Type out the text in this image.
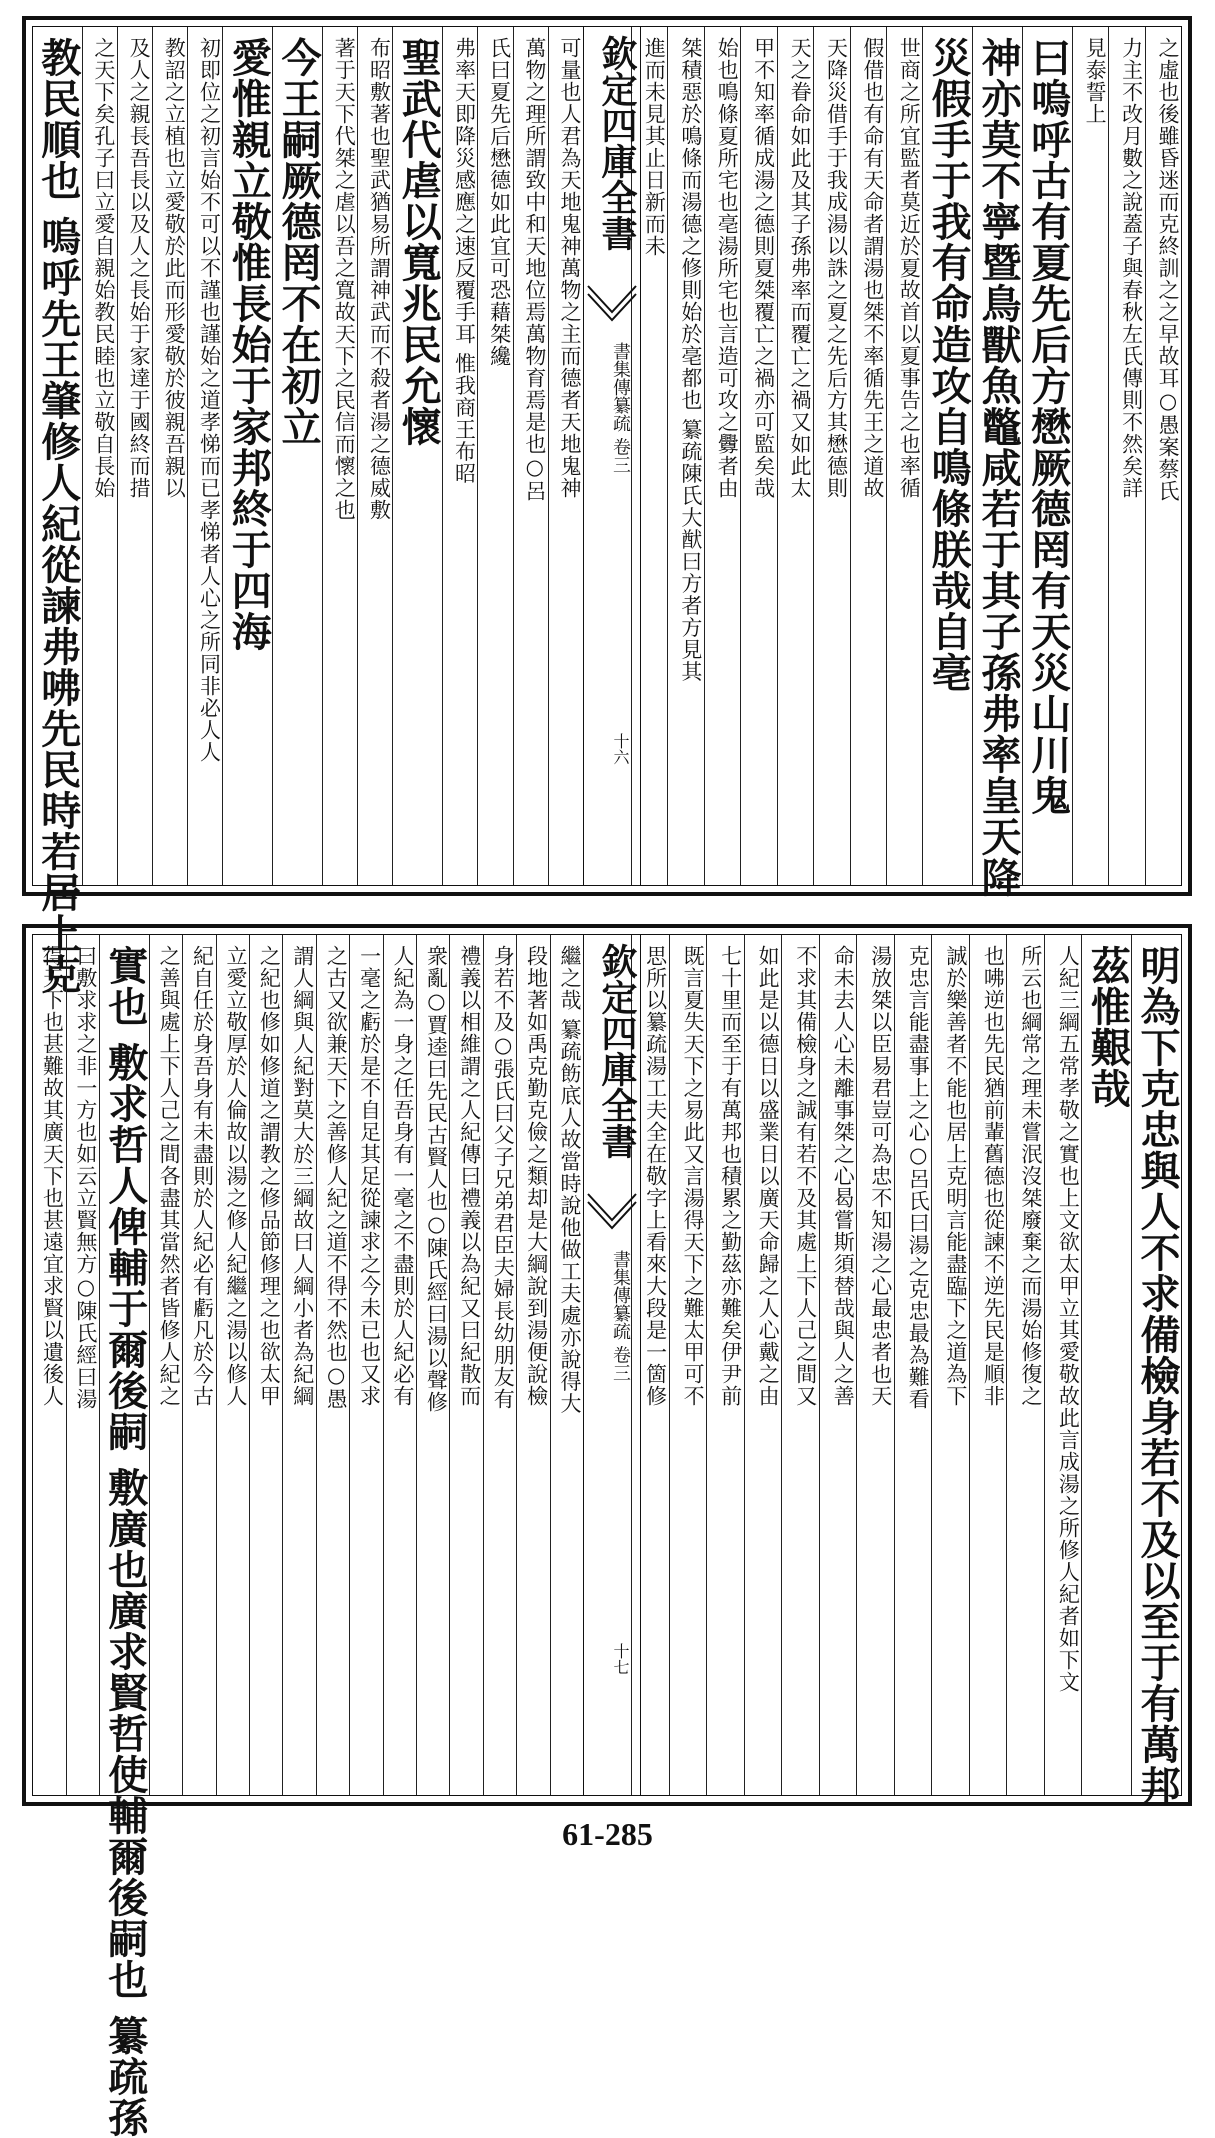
之虛也後雖昏迷而克終訓之之早故耳○愚案蔡氏
力主不改月數之說蓋子與春秋左氏傳則不然矣詳
見泰誓上
曰嗚呼古有夏先后方懋厥德罔有天災山川鬼
神亦莫不寧暨鳥獸魚鼈咸若于其子孫弗率皇天降
災假手于我有命造攻自鳴條朕哉自亳
世商之所宜監者莫近於夏故首以夏事告之也率循
假借也有命有天命者謂湯也桀不率循先王之道故
天降災借手于我成湯以誅之夏之先后方其懋德則
天之眷命如此及其子孫弗率而覆亡之禍又如此太
甲不知率循成湯之德則夏桀覆亡之禍亦可監矣哉
始也鳴條夏所宅也亳湯所宅也言造可攻之釁者由
桀積惡於鳴條而湯德之修則始於亳都也 纂疏陳氏大猷曰方者方見其
進而未見其止日新而未
欽定四庫全書
書集傳纂疏 卷三
十六
可量也人君為天地鬼神萬物之主而德者天地鬼神
萬物之理所謂致中和天地位焉萬物育焉是也○呂
氏曰夏先后懋德如此宜可恐藉桀纔
弗率天即降災感應之速反覆手耳 惟我商王布昭
聖武代虐以寬兆民允懷
布昭敷著也聖武猶易所謂神武而不殺者湯之德威敷
著于天下代桀之虐以吾之寬故天下之民信而懷之也
今王嗣厥德罔不在初立
愛惟親立敬惟長始于家邦終于四海
初即位之初言始不可以不謹也謹始之道孝悌而已孝悌者人心之所同非必人人
教詔之立植也立愛敬於此而形愛敬於彼親吾親以
及人之親長吾長以及人之長始于家達于國終而措
之天下矣孔子曰立愛自親始教民睦也立敬自長始
教民順也 嗚呼先王肇修人紀從諫弗咈先民時若居上克
明為下克忠與人不求備檢身若不及以至于有萬邦
茲惟艱哉
人紀三綱五常孝敬之實也上文欲太甲立其愛敬故此言成湯之所修人紀者如下文
所云也綱常之理未嘗泯沒桀廢棄之而湯始修復之
也咈逆也先民猶前輩舊德也從諫不逆先民是順非
誠於樂善者不能也居上克明言能盡臨下之道為下
克忠言能盡事上之心○呂氏曰湯之克忠最為難看
湯放桀以臣易君豈可為忠不知湯之心最忠者也天
命未去人心未離事桀之心曷嘗斯須替哉與人之善
不求其備檢身之誠有若不及其處上下人己之間又
如此是以德日以盛業日以廣天命歸之人心戴之由
七十里而至于有萬邦也積累之勤茲亦難矣伊尹前
既言夏失天下之易此又言湯得天下之難太甲可不
思所以纂疏湯工夫全在敬字上看來大段是一箇修
欽定四庫全書
書集傳纂疏 卷三
十七
繼之哉 纂疏飭底人故當時說他做工夫處亦說得大
段地著如禹克勤克儉之類却是大綱說到湯便說檢
身若不及○張氏曰父子兄弟君臣夫婦長幼朋友有
禮義以相維謂之人紀傳曰禮義以為紀又曰紀散而
衆亂○賈逵曰先民古賢人也○陳氏經曰湯以聲修
人紀為一身之任吾身有一毫之不盡則於人紀必有
一毫之虧於是不自足其足從諫求之今未已也又求
之古又欲兼天下之善修人紀之道不得不然也○愚
謂人綱與人紀對莫大於三綱故曰人綱小者為紀綱
之紀也修如修道之謂教之修品節修理之也欲太甲
立愛立敬厚於人倫故以湯之修人紀繼之湯以修人
紀自任於身吾身有未盡則於人紀必有虧凡於今古
之善與處上下人己之間各盡其當然者皆修人紀之
實也 敷求哲人俾輔于爾後嗣 敷廣也廣求賢哲使輔爾後嗣也 纂疏孫
曰敷求求之非一方也如云立賢無方○陳氏經曰湯
得天下也甚難故其廣天下也甚遠宜求賢以遺後人
61-285
